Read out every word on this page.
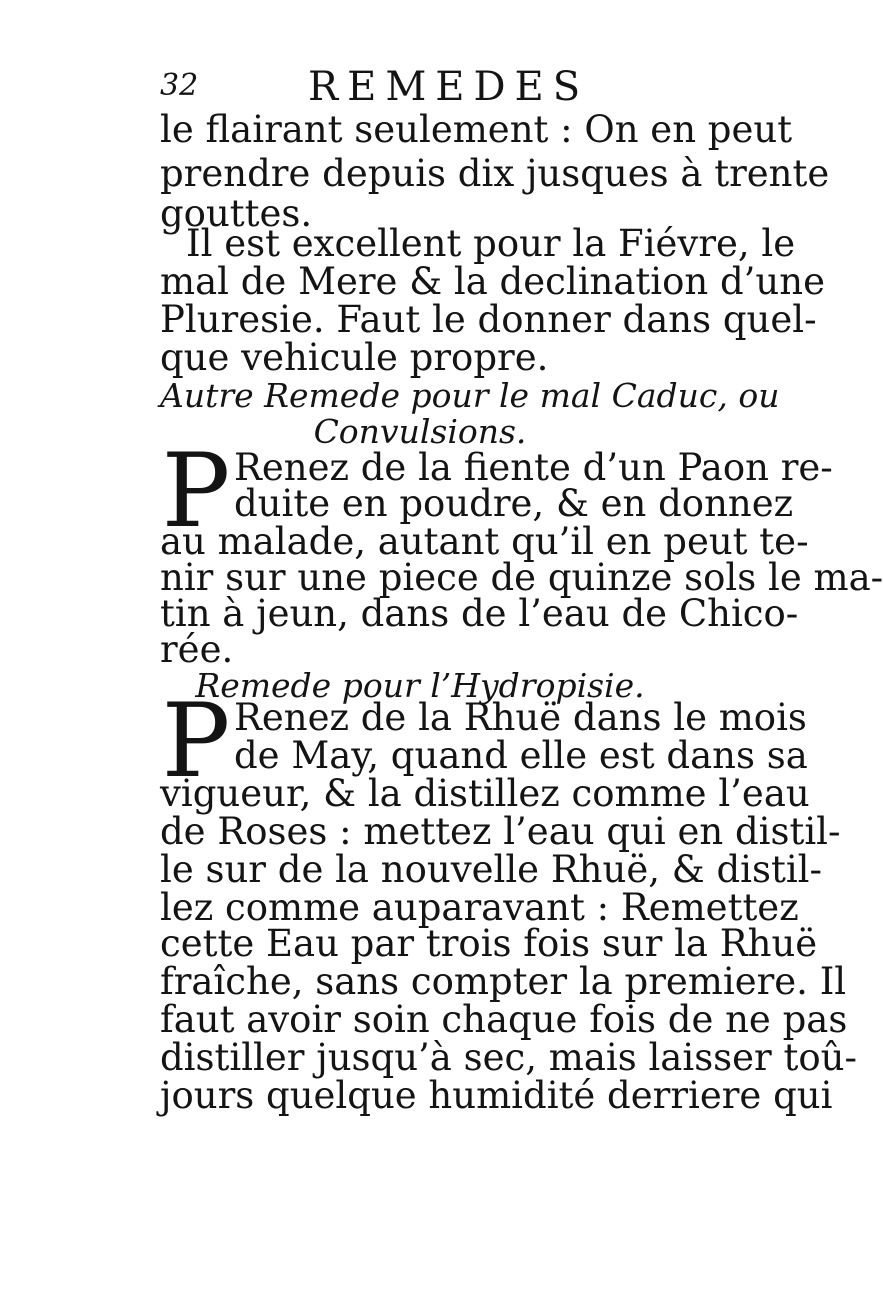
32	REMEDES
le flairant seulement : On en peut
prendre depuis dix jusques à trente
gouttes.
Il est excellent pour la Fiévre, le
mal de Mere & la declination d’une
Pluresie. Faut le donner dans quel-
que vehicule propre.
Autre Remede pour le mal Caduc, ou
Convulsions.
P Renez de la fiente d’un Paon re-
duite en poudre, & en donnez
au malade, autant qu’il en peut te-
nir sur une piece de quinze sols le ma-
tin à jeun, dans de l’eau de Chico-
rée.
Remede pour l’Hydropisie.
P Renez de la Rhuë dans le mois
de May, quand elle est dans sa
vigueur, & la distillez comme l’eau
de Roses : mettez l’eau qui en distil-
le sur de la nouvelle Rhuë, & distil-
lez comme auparavant : Remettez
cette Eau par trois fois sur la Rhuë
fraîche, sans compter la premiere. Il
faut avoir soin chaque fois de ne pas
distiller jusqu’à sec, mais laisser toû-
jours quelque humidité derriere qui
